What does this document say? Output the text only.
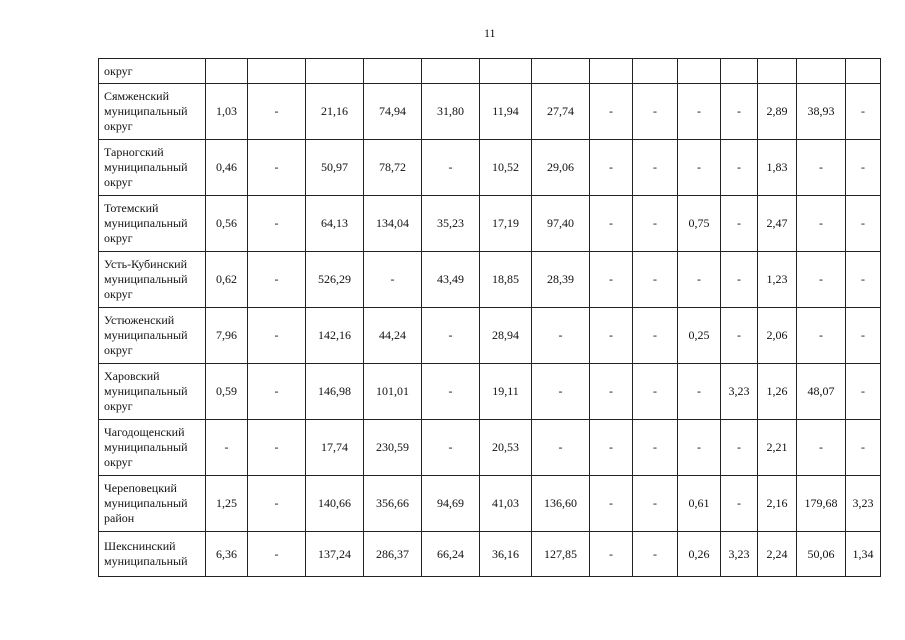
11
округ														

Сямженский
муниципальный
округ	1,03	-	21,16	74,94	31,80	11,94	27,74	-	-	-	-	2,89	38,93	-

Тарногский
муниципальный
округ	0,46	-	50,97	78,72	-	10,52	29,06	-	-	-	-	1,83	-	-

Тотемский
муниципальный
округ	0,56	-	64,13	134,04	35,23	17,19	97,40	-	-	0,75	-	2,47	-	-

Усть-Кубинский
муниципальный
округ	0,62	-	526,29	-	43,49	18,85	28,39	-	-	-	-	1,23	-	-

Устюженский
муниципальный
округ	7,96	-	142,16	44,24	-	28,94	-	-	-	0,25	-	2,06	-	-

Харовский
муниципальный
округ	0,59	-	146,98	101,01	-	19,11	-	-	-	-	3,23	1,26	48,07	-

Чагодощенский
муниципальный
округ	-	-	17,74	230,59	-	20,53	-	-	-	-	-	2,21	-	-

Череповецкий
муниципальный
район	1,25	-	140,66	356,66	94,69	41,03	136,60	-	-	0,61	-	2,16	179,68	3,23

Шекснинский
муниципальный	6,36	-	137,24	286,37	66,24	36,16	127,85	-	-	0,26	3,23	2,24	50,06	1,34
